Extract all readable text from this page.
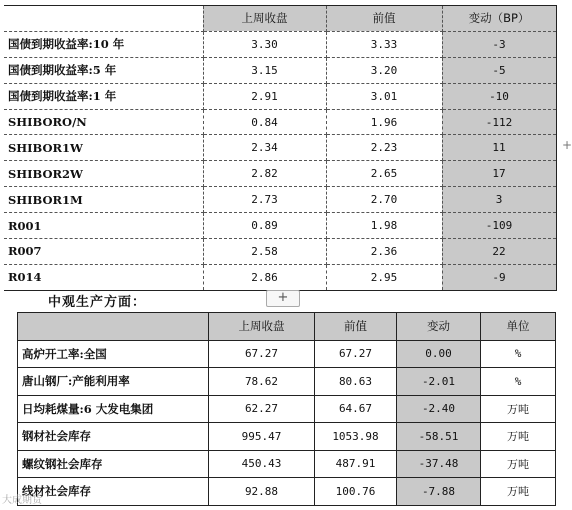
	上周收盘	前值	变动（BP）
国债到期收益率:10 年	3.30	3.33	-3
国债到期收益率:5 年	3.15	3.20	-5
国债到期收益率:1 年	2.91	3.01	-10
SHIBORO/N	0.84	1.96	-112
SHIBOR1W	2.34	2.23	11
SHIBOR2W	2.82	2.65	17
SHIBOR1M	2.73	2.70	3
R001	0.89	1.98	-109
R007	2.58	2.36	22
R014	2.86	2.95	-9
中观生产方面：	+
+
	上周收盘	前值	变动	单位
高炉开工率:全国	67.27	67.27	0.00	%
唐山钢厂:产能利用率	78.62	80.63	-2.01	%
日均耗煤量:6 大发电集团	62.27	64.67	-2.40	万吨
钢材社会库存	995.47	1053.98	-58.51	万吨
螺纹钢社会库存	450.43	487.91	-37.48	万吨
线材社会库存	92.88	100.76	-7.88	万吨
大成期货
